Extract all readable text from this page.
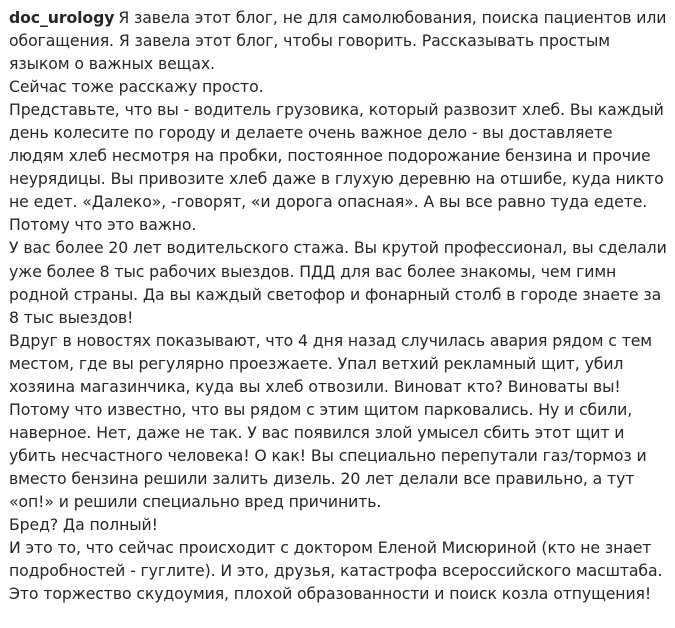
doc_urology Я завела этот блог, не для самолюбования, поиска пациентов или обогащения. Я завела этот блог, чтобы говорить. Рассказывать простым языком о важных вещах.

Сейчас тоже расскажу просто.

Представьте, что вы - водитель грузовика, который развозит хлеб. Вы каждый день колесите по городу и делаете очень важное дело - вы доставляете людям хлеб несмотря на пробки, постоянное подорожание бензина и прочие неурядицы. Вы привозите хлеб даже в глухую деревню на отшибе, куда никто не едет. «Далеко», -говорят, «и дорога опасная». А вы все равно туда едете. Потому что это важно.

У вас более 20 лет водительского стажа. Вы крутой профессионал, вы сделали уже более 8 тыс рабочих выездов. ПДД для вас более знакомы, чем гимн родной страны. Да вы каждый светофор и фонарный столб в городе знаете за 8 тыс выездов!

Вдруг в новостях показывают, что 4 дня назад случилась авария рядом с тем местом, где вы регулярно проезжаете. Упал ветхий рекламный щит, убил хозяина магазинчика, куда вы хлеб отвозили. Виноват кто? Виноваты вы! Потому что известно, что вы рядом с этим щитом парковались. Ну и сбили, наверное. Нет, даже не так. У вас появился злой умысел сбить этот щит и убить несчастного человека! О как! Вы специально перепутали газ/тормоз и вместо бензина решили залить дизель. 20 лет делали все правильно, а тут «оп!» и решили специально вред причинить.

Бред? Да полный!

И это то, что сейчас происходит с доктором Еленой Мисюриной (кто не знает подробностей - гуглите). И это, друзья, катастрофа всероссийского масштаба. Это торжество скудоумия, плохой образованности и поиск козла отпущения!
